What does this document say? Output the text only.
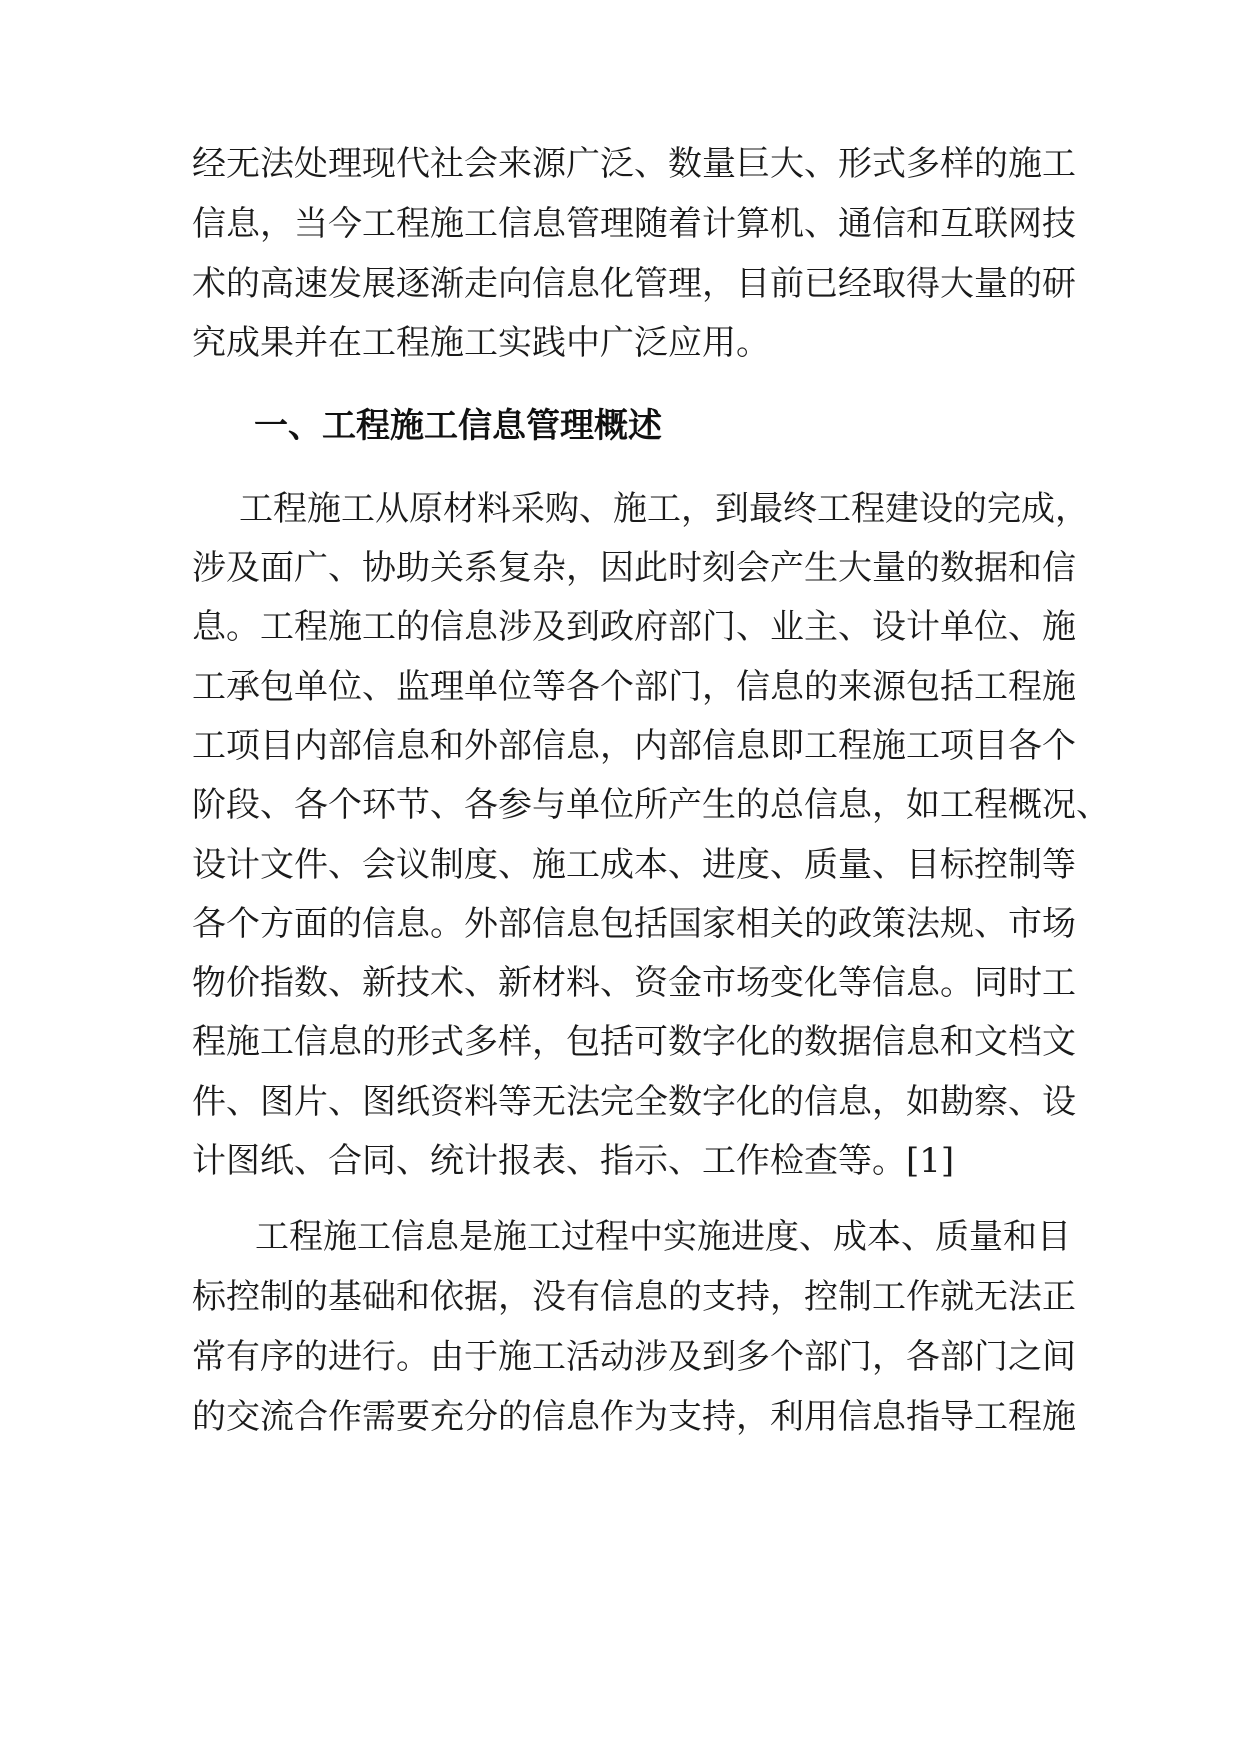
经无法处理现代社会来源广泛、数量巨大、形式多样的施工

信息，当今工程施工信息管理随着计算机、通信和互联网技

术的高速发展逐渐走向信息化管理，目前已经取得大量的研

究成果并在工程施工实践中广泛应用。

一、工程施工信息管理概述

工程施工从原材料采购、施工，到最终工程建设的完成，

涉及面广、协助关系复杂，因此时刻会产生大量的数据和信

息。工程施工的信息涉及到政府部门、业主、设计单位、施

工承包单位、监理单位等各个部门，信息的来源包括工程施

工项目内部信息和外部信息，内部信息即工程施工项目各个

阶段、各个环节、各参与单位所产生的总信息，如工程概况、

设计文件、会议制度、施工成本、进度、质量、目标控制等

各个方面的信息。外部信息包括国家相关的政策法规、市场

物价指数、新技术、新材料、资金市场变化等信息。同时工

程施工信息的形式多样，包括可数字化的数据信息和文档文

件、图片、图纸资料等无法完全数字化的信息，如勘察、设

计图纸、合同、统计报表、指示、工作检查等。[1]

工程施工信息是施工过程中实施进度、成本、质量和目

标控制的基础和依据，没有信息的支持，控制工作就无法正

常有序的进行。由于施工活动涉及到多个部门，各部门之间

的交流合作需要充分的信息作为支持，利用信息指导工程施
